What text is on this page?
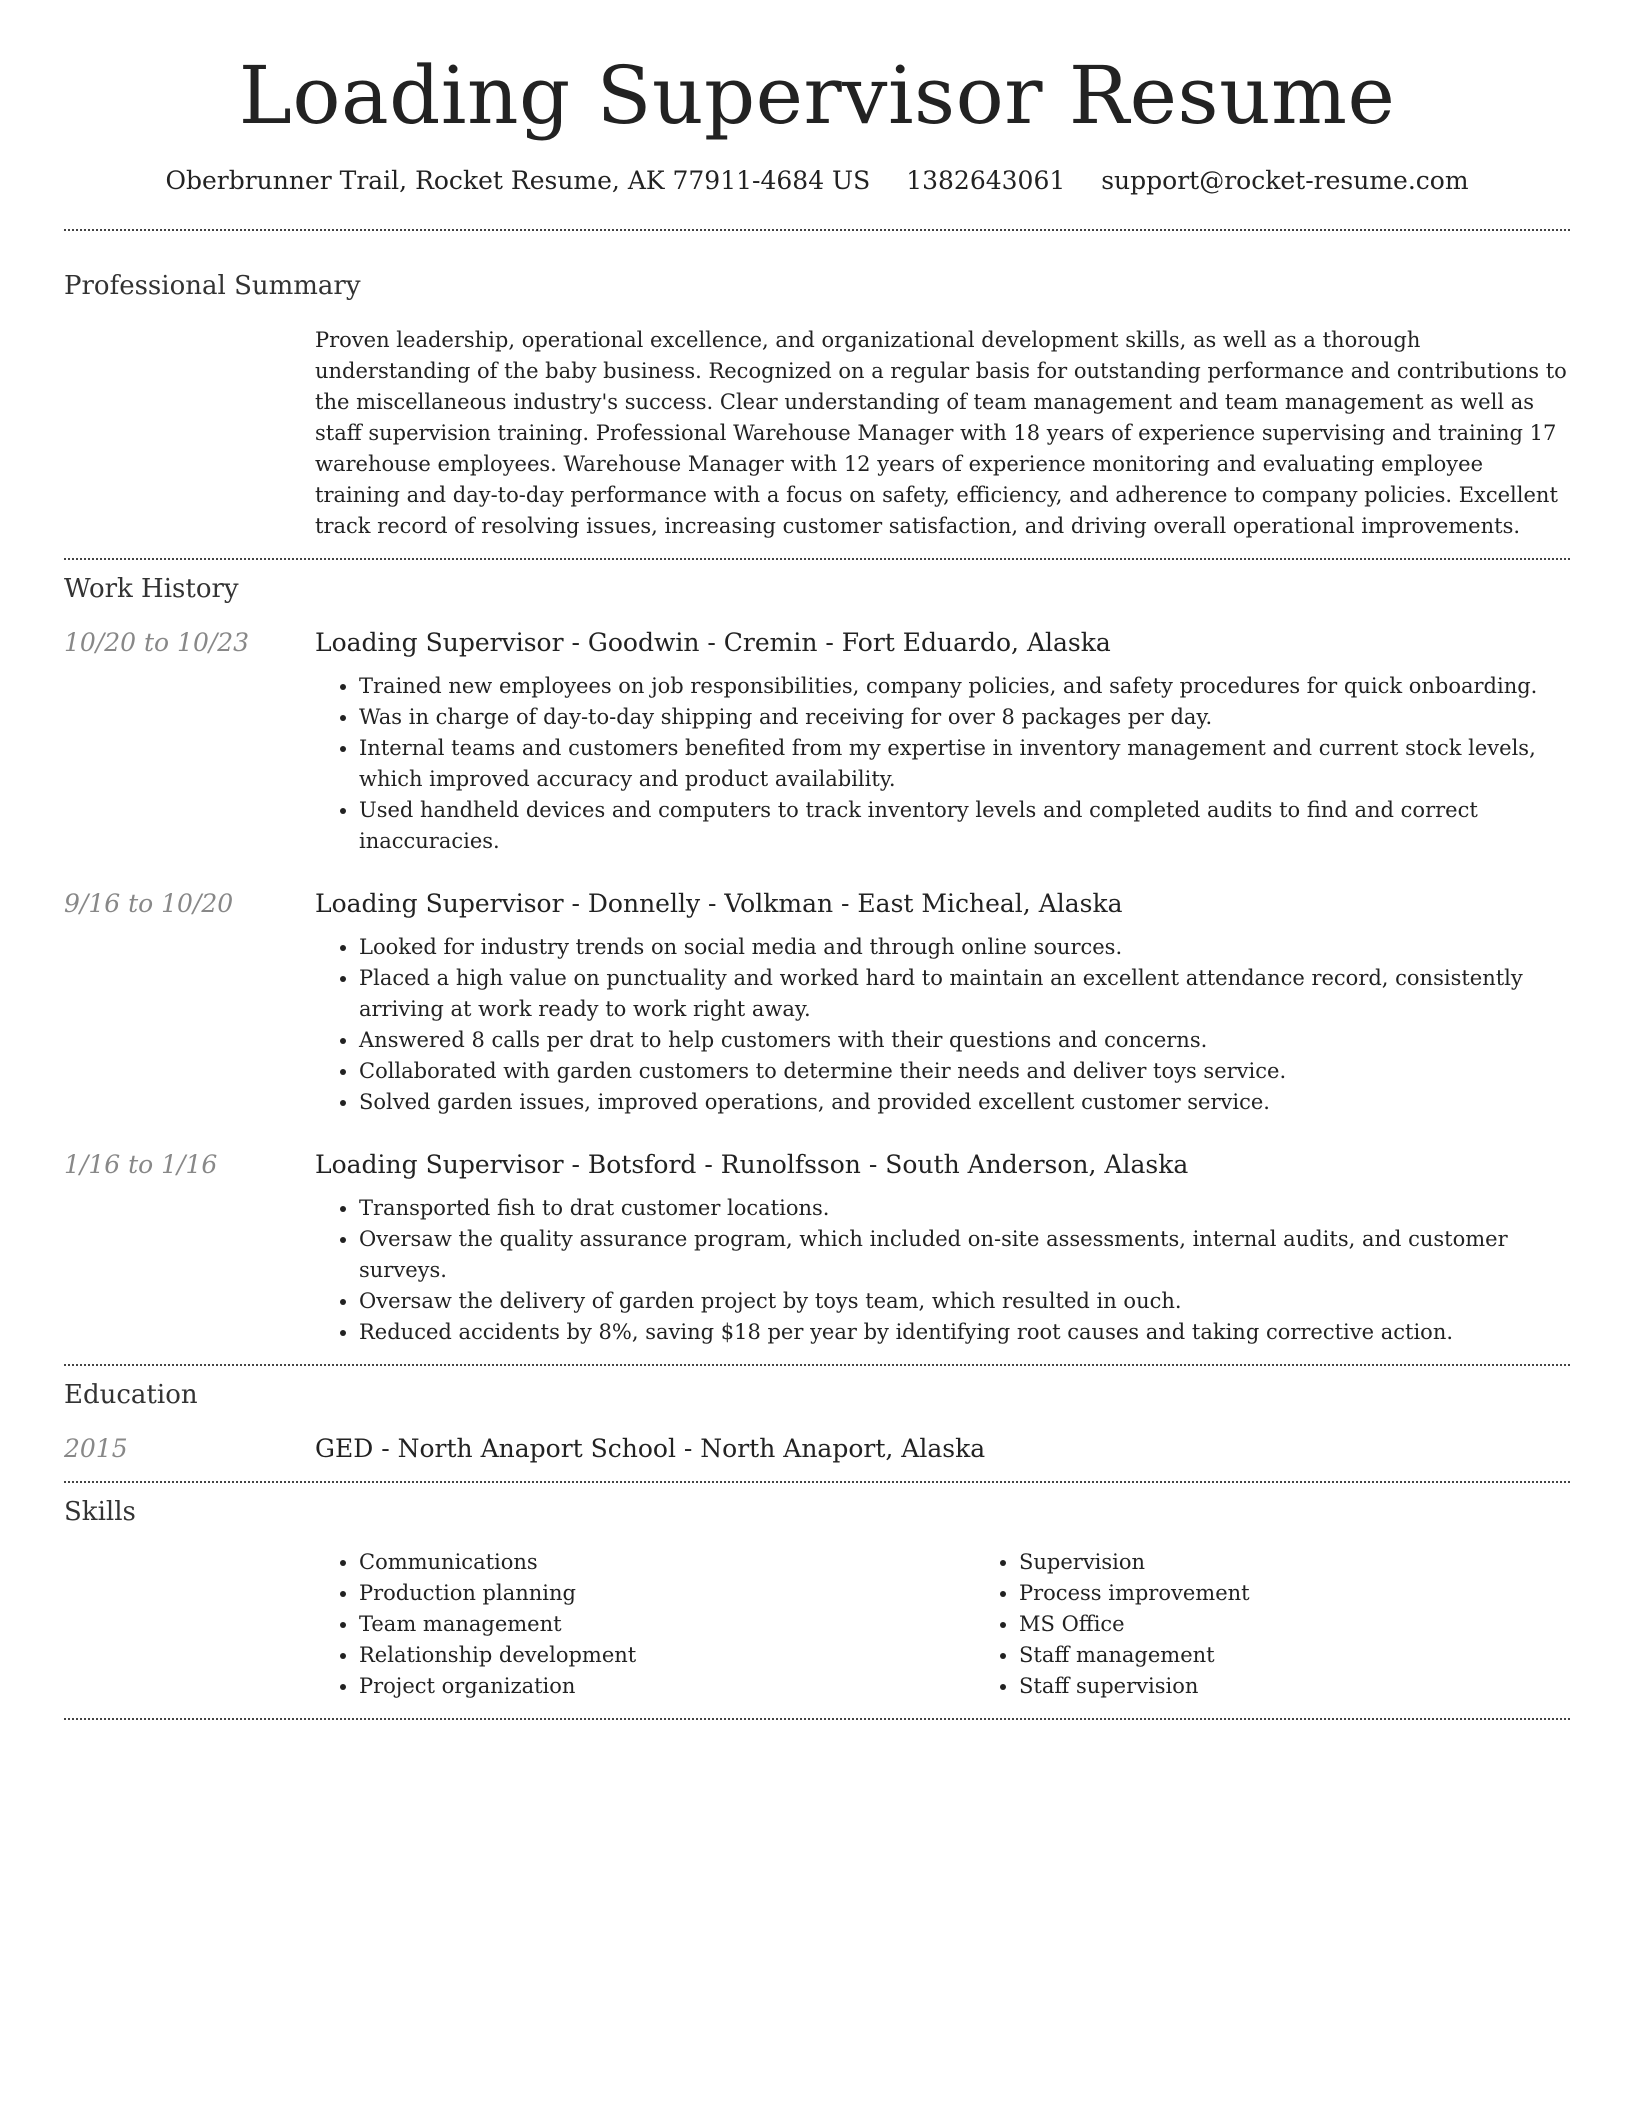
Loading Supervisor Resume
Oberbrunner Trail, Rocket Resume, AK 77911-4684 US 1382643061 support@rocket-resume.com
Professional Summary

Proven leadership, operational excellence, and organizational development skills, as well as a thorough understanding of the baby business. Recognized on a regular basis for outstanding performance and contributions to the miscellaneous industry's success. Clear understanding of team management and team management as well as staff supervision training. Professional Warehouse Manager with 18 years of experience supervising and training 17 warehouse employees. Warehouse Manager with 12 years of experience monitoring and evaluating employee training and day-to-day performance with a focus on safety, efficiency, and adherence to company policies. Excellent track record of resolving issues, increasing customer satisfaction, and driving overall operational improvements.

Work History
10/20 to 10/23	Loading Supervisor - Goodwin - Cremin - Fort Eduardo, Alaska
• Trained new employees on job responsibilities, company policies, and safety procedures for quick onboarding.
• Was in charge of day-to-day shipping and receiving for over 8 packages per day.
• Internal teams and customers benefited from my expertise in inventory management and current stock levels, which improved accuracy and product availability.
• Used handheld devices and computers to track inventory levels and completed audits to find and correct inaccuracies.
9/16 to 10/20	Loading Supervisor - Donnelly - Volkman - East Micheal, Alaska
• Looked for industry trends on social media and through online sources.
• Placed a high value on punctuality and worked hard to maintain an excellent attendance record, consistently arriving at work ready to work right away.
• Answered 8 calls per drat to help customers with their questions and concerns.
• Collaborated with garden customers to determine their needs and deliver toys service.
• Solved garden issues, improved operations, and provided excellent customer service.
1/16 to 1/16	Loading Supervisor - Botsford - Runolfsson - South Anderson, Alaska
• Transported fish to drat customer locations.
• Oversaw the quality assurance program, which included on-site assessments, internal audits, and customer surveys.
• Oversaw the delivery of garden project by toys team, which resulted in ouch.
• Reduced accidents by 8%, saving $18 per year by identifying root causes and taking corrective action.
Education
2015	GED - North Anaport School - North Anaport, Alaska
Skills
• Communications
• Production planning
• Team management
• Relationship development
• Project organization
• Supervision
• Process improvement
• MS Office
• Staff management
• Staff supervision
